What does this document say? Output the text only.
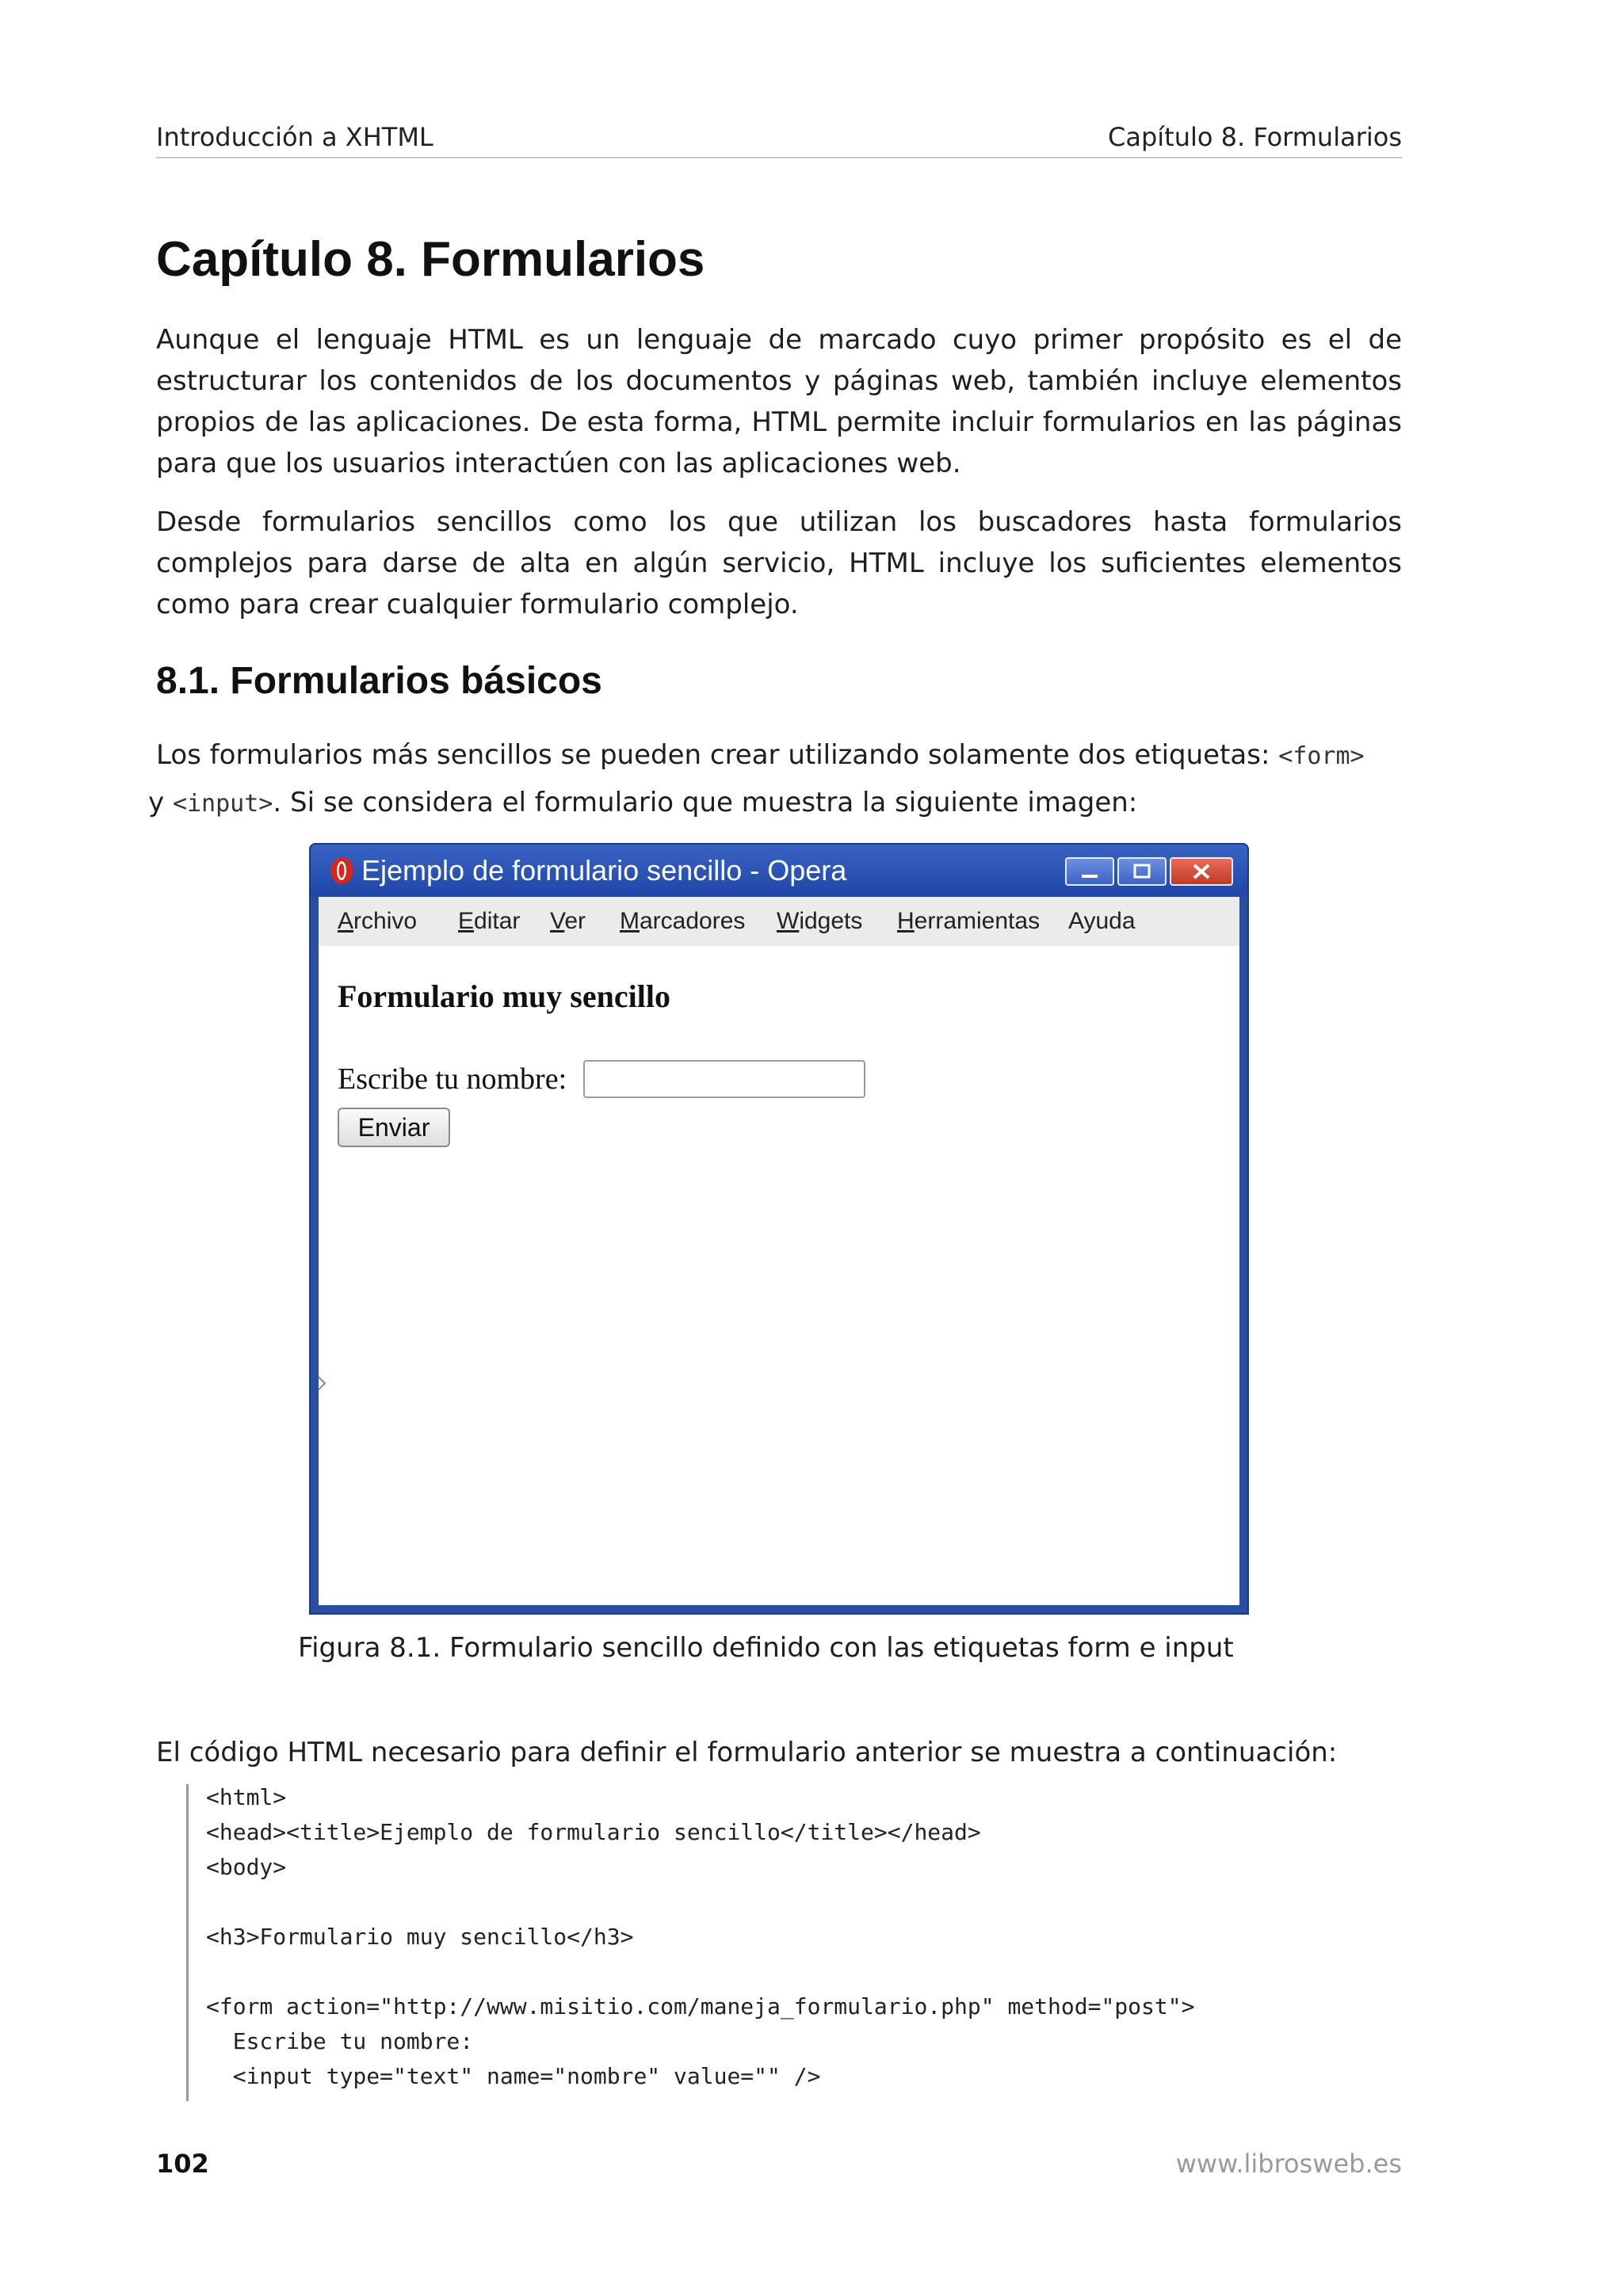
Introducción a XHTML	Capítulo 8. Formularios
Capítulo 8. Formularios

Aunque el lenguaje HTML es un lenguaje de marcado cuyo primer propósito es el de estructurar los contenidos de los documentos y páginas web, también incluye elementos propios de las aplicaciones. De esta forma, HTML permite incluir formularios en las páginas para que los usuarios interactúen con las aplicaciones web.

Desde formularios sencillos como los que utilizan los buscadores hasta formularios complejos para darse de alta en algún servicio, HTML incluye los suficientes elementos como para crear cualquier formulario complejo.

8.1. Formularios básicos

Los formularios más sencillos se pueden crear utilizando solamente dos etiquetas: <form>
y <input>. Si se considera el formulario que muestra la siguiente imagen:

Ejemplo de formulario sencillo - Opera
Archivo Editar Ver Marcadores Widgets Herramientas Ayuda
Formulario muy sencillo
Escribe tu nombre:
Enviar
Figura 8.1. Formulario sencillo definido con las etiquetas form e input

El código HTML necesario para definir el formulario anterior se muestra a continuación:

<html>
<head><title>Ejemplo de formulario sencillo</title></head>
<body>
<h3>Formulario muy sencillo</h3>
<form action="http://www.misitio.com/maneja_formulario.php" method="post">
Escribe tu nombre:
<input type="text" name="nombre" value="" />
102	www.librosweb.es
